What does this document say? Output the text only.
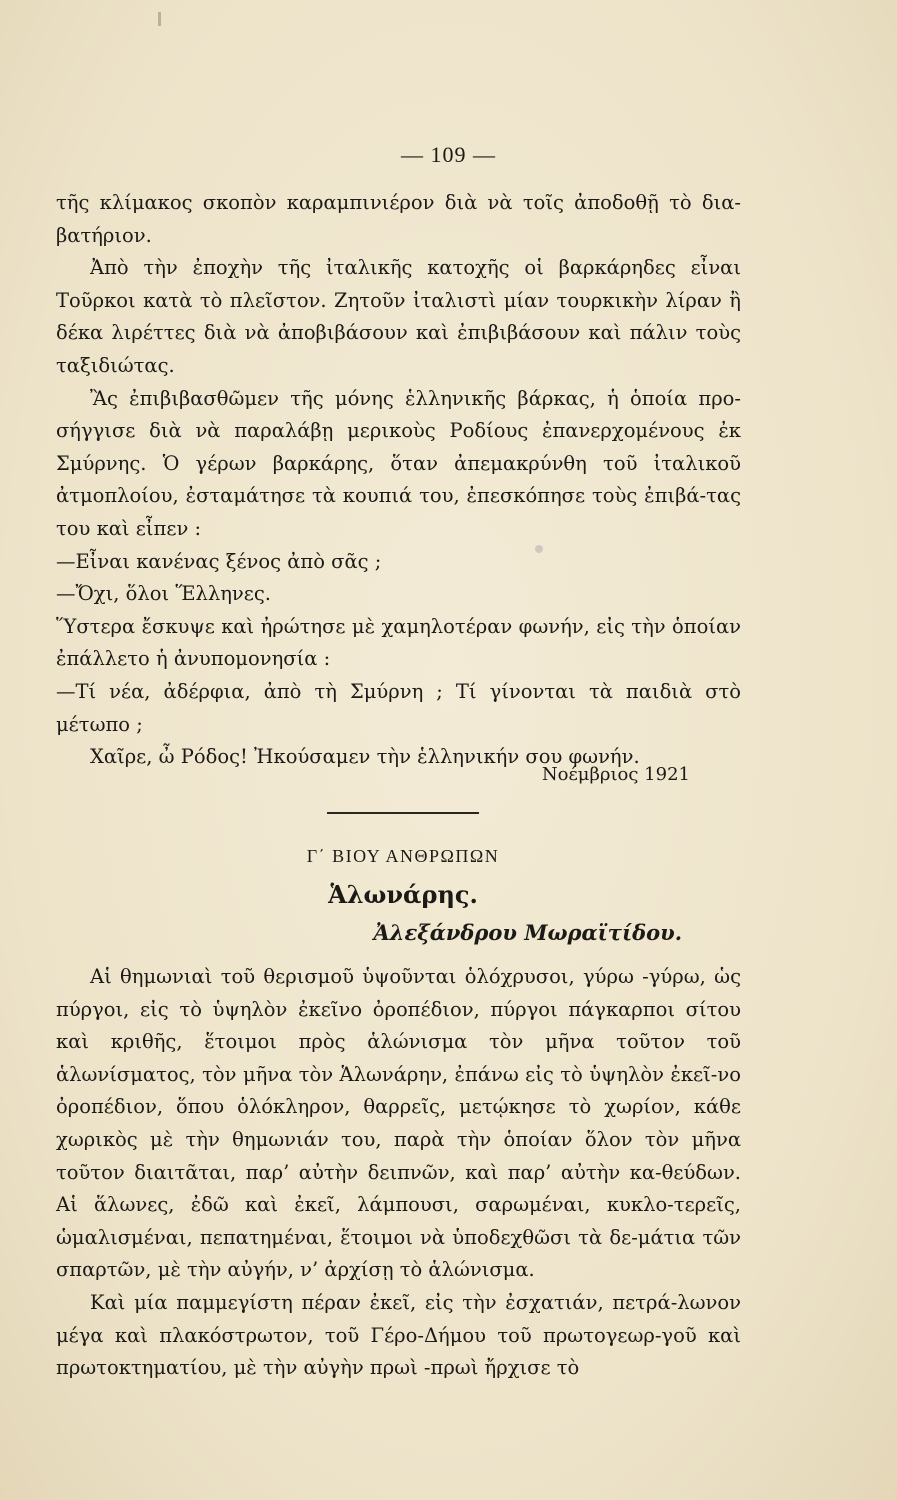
— 109 —

τῆς κλίμακος σκοπὸν καραμπινιέρον διὰ νὰ τοῖς ἀποδοθῇ τὸ δια-βατήριον.

Ἀπὸ τὴν ἐποχὴν τῆς ἰταλικῆς κατοχῆς οἱ βαρκάρηδες εἶναι Τοῦρκοι κατὰ τὸ πλεῖστον. Ζητοῦν ἰταλιστὶ μίαν τουρκικὴν λίραν ἢ δέκα λιρέττες διὰ νὰ ἀποβιβάσουν καὶ ἐπιβιβάσουν καὶ πάλιν τοὺς ταξιδιώτας.

Ἂς ἐπιβιβασθῶμεν τῆς μόνης ἑλληνικῆς βάρκας, ἡ ὁποία προ-σήγγισε διὰ νὰ παραλάβῃ μερικοὺς Ροδίους ἐπανερχομένους ἐκ Σμύρνης. Ὁ γέρων βαρκάρης, ὅταν ἀπεμακρύνθη τοῦ ἰταλικοῦ ἀτμοπλοίου, ἐσταμάτησε τὰ κουπιά του, ἐπεσκόπησε τοὺς ἐπιβά-τας του καὶ εἶπεν :

—Εἶναι κανένας ξένος ἀπὸ σᾶς ;

—Ὄχι, ὅλοι Ἕλληνες.

Ὕστερα ἔσκυψε καὶ ἠρώτησε μὲ χαμηλοτέραν φωνήν, εἰς τὴν ὁποίαν ἐπάλλετο ἡ ἀνυπομονησία :

—Τί νέα, ἀδέρφια, ἀπὸ τὴ Σμύρνη ; Τί γίνονται τὰ παιδιὰ στὸ μέτωπο ;

Χαῖρε, ὦ Ρόδος! Ἠκούσαμεν τὴν ἑλληνικήν σου φωνήν.

Νοέμβριος 1921
Γ΄ ΒΙΟΥ ΑΝΘΡΩΠΩΝ
Ἁλωνάρης.
Ἀλεξάνδρου Μωραϊτίδου.

Αἱ θημωνιαὶ τοῦ θερισμοῦ ὑψοῦνται ὁλόχρυσοι, γύρω -γύρω, ὡς πύργοι, εἰς τὸ ὑψηλὸν ἐκεῖνο ὀροπέδιον, πύργοι πάγκαρποι σίτου καὶ κριθῆς, ἕτοιμοι πρὸς ἁλώνισμα τὸν μῆνα τοῦτον τοῦ ἁλωνίσματος, τὸν μῆνα τὸν Ἁλωνάρην, ἐπάνω εἰς τὸ ὑψηλὸν ἐκεῖ-νο ὀροπέδιον, ὅπου ὁλόκληρον, θαρρεῖς, μετῴκησε τὸ χωρίον, κάθε χωρικὸς μὲ τὴν θημωνιάν του, παρὰ τὴν ὁποίαν ὅλον τὸν μῆνα τοῦτον διαιτᾶται, παρ’ αὐτὴν δειπνῶν, καὶ παρ’ αὐτὴν κα-θεύδων. Αἱ ἅλωνες, ἐδῶ καὶ ἐκεῖ, λάμπουσι, σαρωμέναι, κυκλο-τερεῖς, ὡμαλισμέναι, πεπατημέναι, ἕτοιμοι νὰ ὑποδεχθῶσι τὰ δε-μάτια τῶν σπαρτῶν, μὲ τὴν αὐγήν, ν’ ἀρχίσῃ τὸ ἁλώνισμα.

Καὶ μία παμμεγίστη πέραν ἐκεῖ, εἰς τὴν ἐσχατιάν, πετρά-λωνον μέγα καὶ πλακόστρωτον, τοῦ Γέρο-Δήμου τοῦ πρωτογεωρ-γοῦ καὶ πρωτοκτηματίου, μὲ τὴν αὐγὴν πρωὶ -πρωὶ ἤρχισε τὸ
